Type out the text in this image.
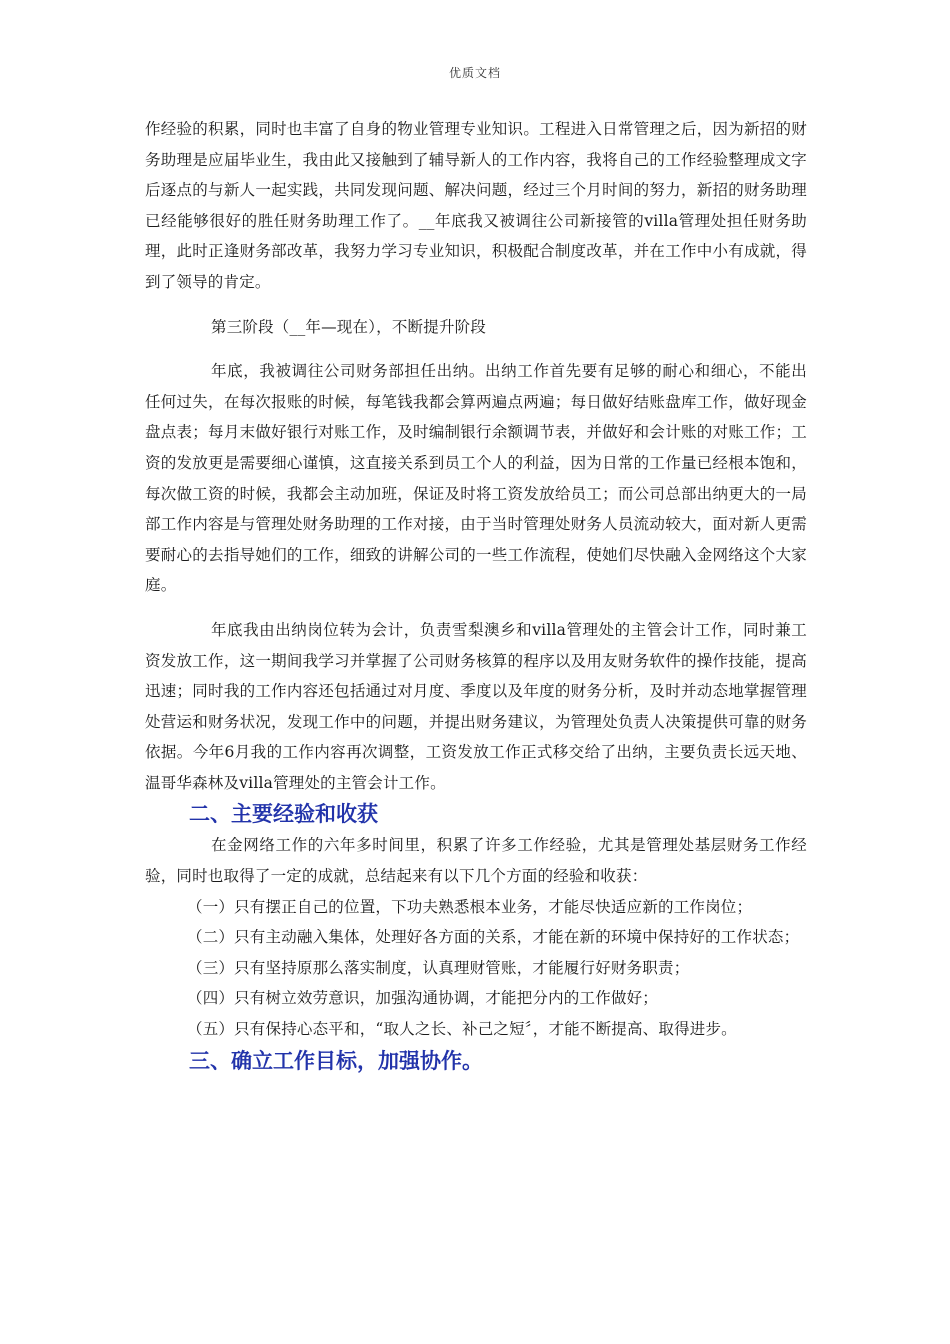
优质文档

作经验的积累，同时也丰富了自身的物业管理专业知识。工程进入日常管理之后，因为新招的财务助理是应届毕业生，我由此又接触到了辅导新人的工作内容，我将自己的工作经验整理成文字后逐点的与新人一起实践，共同发现问题、解决问题，经过三个月时间的努力，新招的财务助理已经能够很好的胜任财务助理工作了。__年底我又被调往公司新接管的villa管理处担任财务助理，此时正逢财务部改革，我努力学习专业知识，积极配合制度改革，并在工作中小有成就，得到了领导的肯定。

第三阶段（__年—现在），不断提升阶段

年底，我被调往公司财务部担任出纳。出纳工作首先要有足够的耐心和细心，不能出任何过失，在每次报账的时候，每笔钱我都会算两遍点两遍；每日做好结账盘库工作，做好现金盘点表；每月末做好银行对账工作，及时编制银行余额调节表，并做好和会计账的对账工作；工资的发放更是需要细心谨慎，这直接关系到员工个人的利益，因为日常的工作量已经根本饱和，每次做工资的时候，我都会主动加班，保证及时将工资发放给员工；而公司总部出纳更大的一局部工作内容是与管理处财务助理的工作对接，由于当时管理处财务人员流动较大，面对新人更需要耐心的去指导她们的工作，细致的讲解公司的一些工作流程，使她们尽快融入金网络这个大家庭。

年底我由出纳岗位转为会计，负责雪梨澳乡和villa管理处的主管会计工作，同时兼工资发放工作，这一期间我学习并掌握了公司财务核算的程序以及用友财务软件的操作技能，提高迅速；同时我的工作内容还包括通过对月度、季度以及年度的财务分析，及时并动态地掌握管理处营运和财务状况，发现工作中的问题，并提出财务建议，为管理处负责人决策提供可靠的财务依据。今年6月我的工作内容再次调整，工资发放工作正式移交给了出纳，主要负责长远天地、温哥华森林及villa管理处的主管会计工作。

二、主要经验和收获

在金网络工作的六年多时间里，积累了许多工作经验，尤其是管理处基层财务工作经验，同时也取得了一定的成就，总结起来有以下几个方面的经验和收获：

（一）只有摆正自己的位置，下功夫熟悉根本业务，才能尽快适应新的工作岗位；

（二）只有主动融入集体，处理好各方面的关系，才能在新的环境中保持好的工作状态；

（三）只有坚持原那么落实制度，认真理财管账，才能履行好财务职责；

（四）只有树立效劳意识，加强沟通协调，才能把分内的工作做好；

（五）只有保持心态平和，“取人之长、补己之短〞，才能不断提高、取得进步。

三、确立工作目标，加强协作。
